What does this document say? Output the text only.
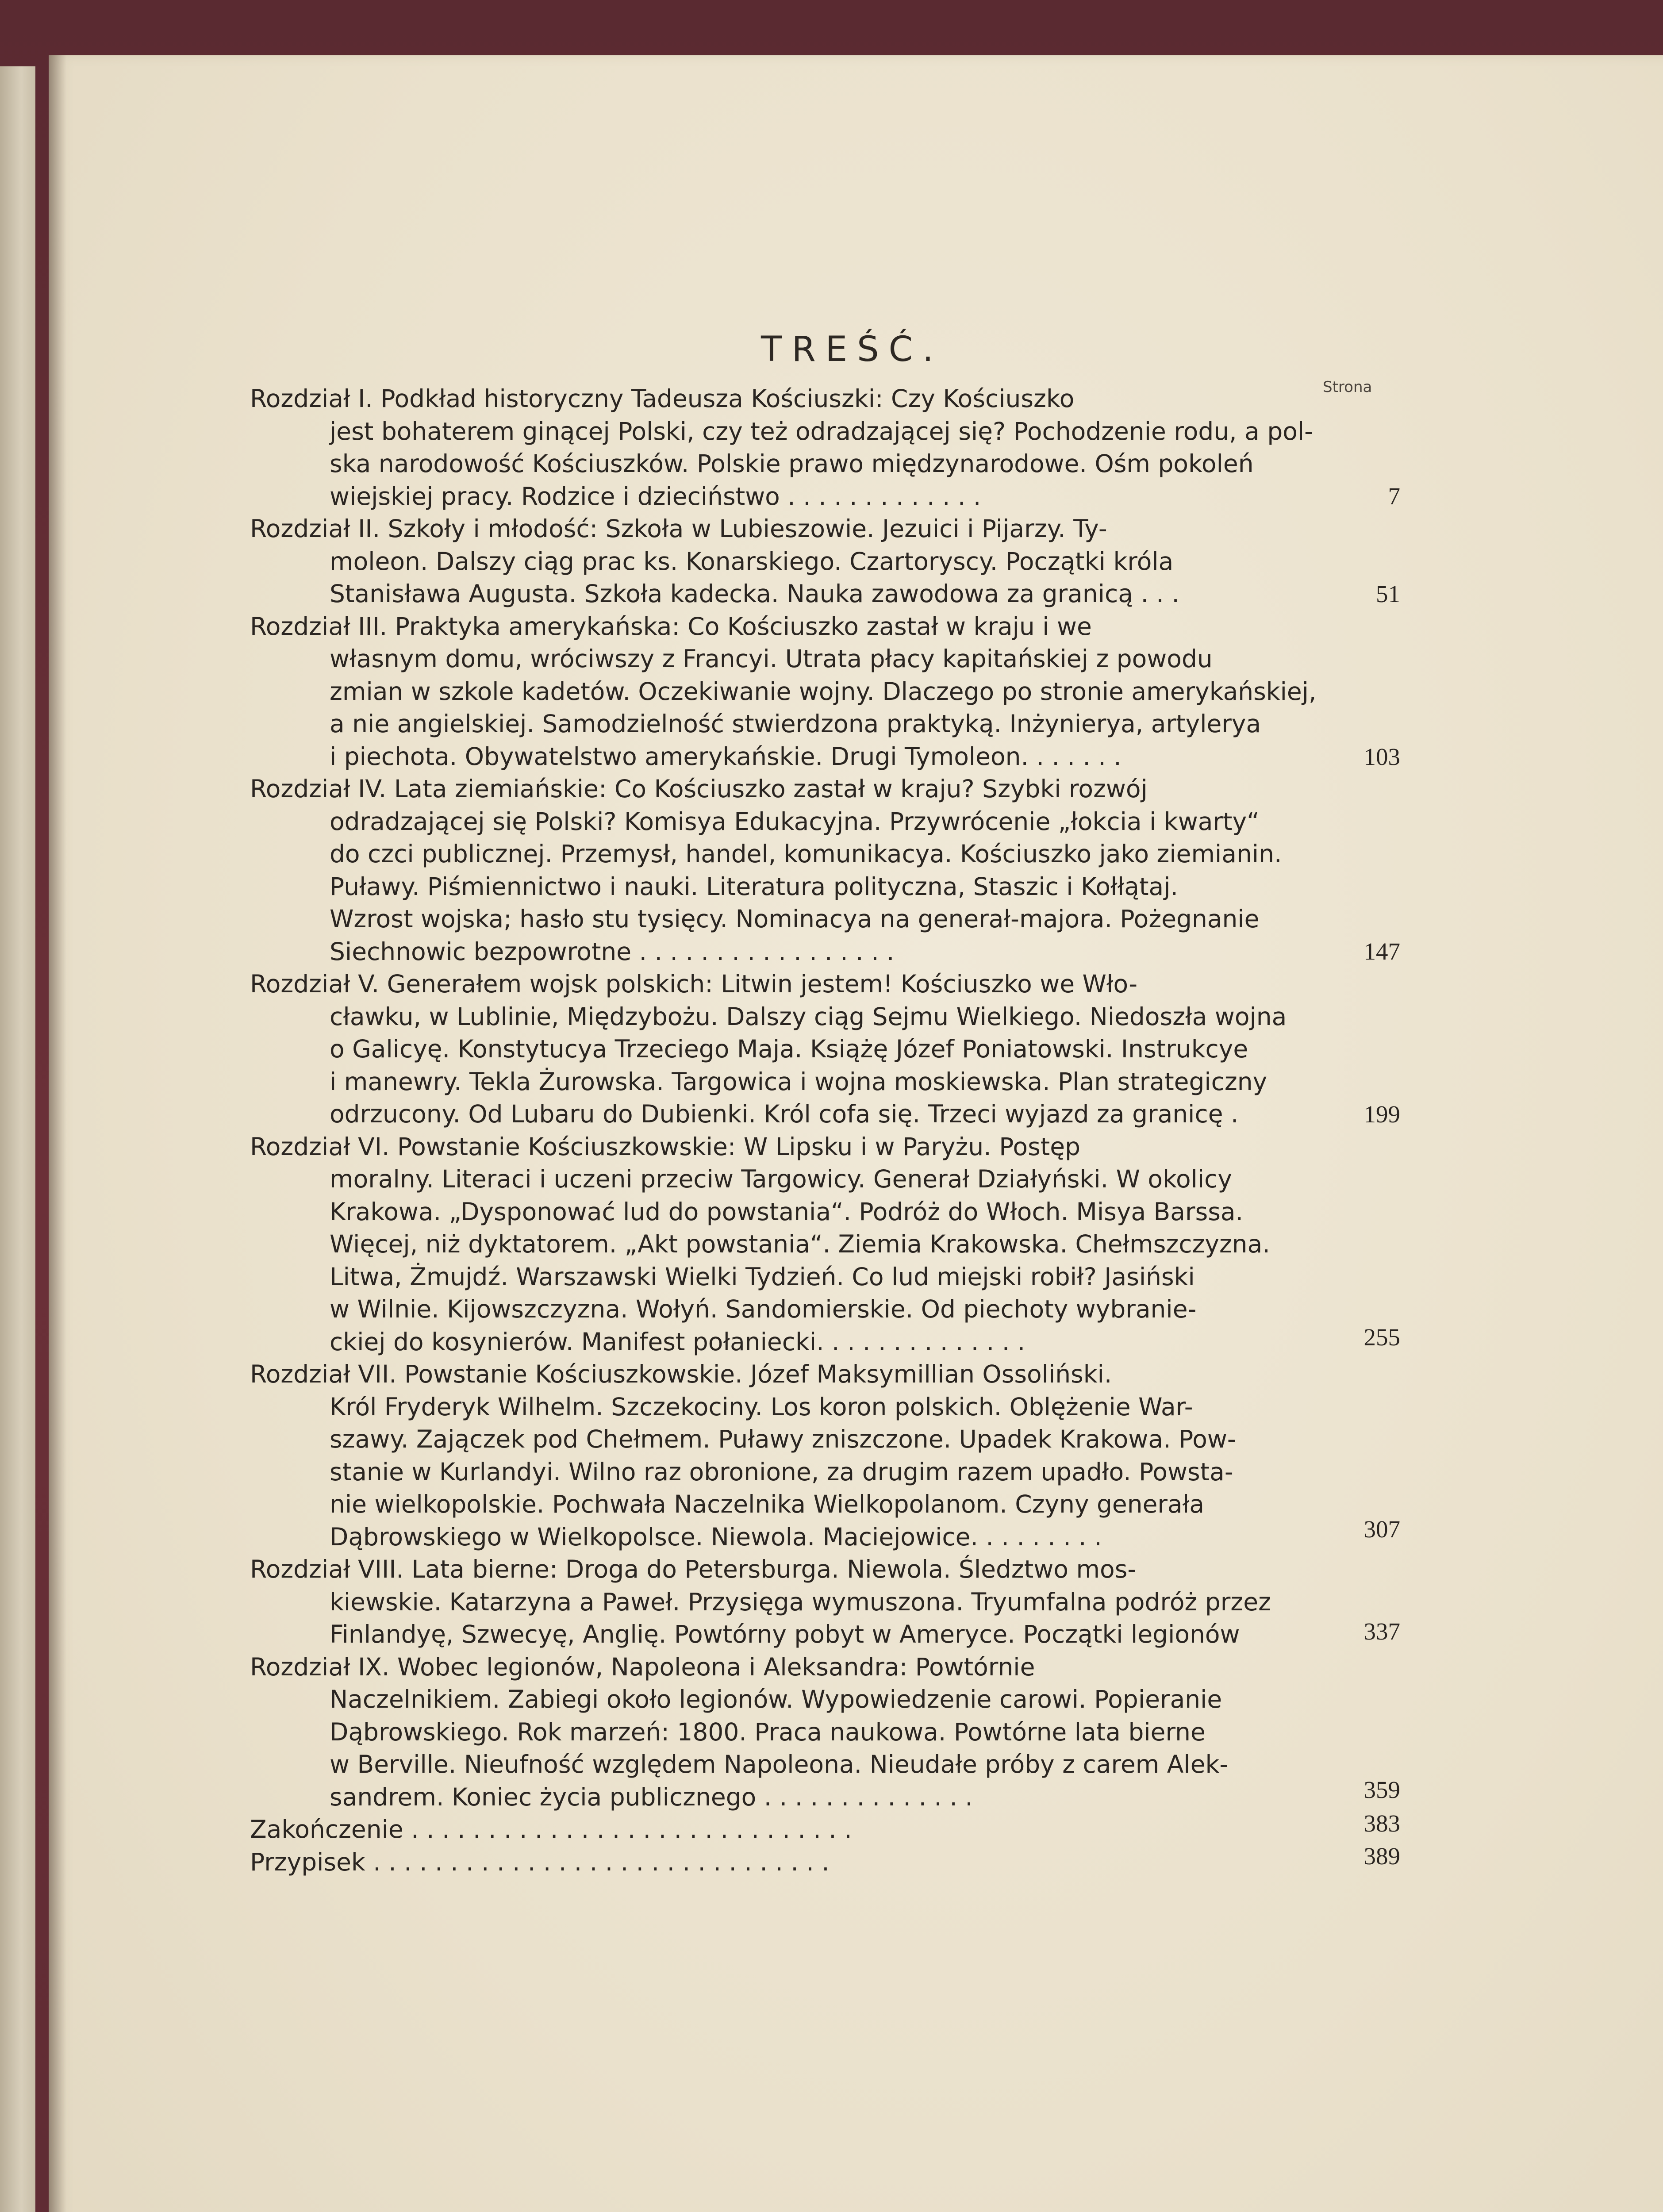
TREŚĆ.
Strona
Rozdział I. Podkład historyczny Tadeusza Kościuszki: Czy Kościuszko
jest bohaterem ginącej Polski, czy też odradzającej się? Pochodzenie rodu, a pol-
ska narodowość Kościuszków. Polskie prawo międzynarodowe. Ośm pokoleń
wiejskiej pracy. Rodzice i dzieciństwo . . . . . . . . . . . . .	7
Rozdział II. Szkoły i młodość: Szkoła w Lubieszowie. Jezuici i Pijarzy. Ty-
moleon. Dalszy ciąg prac ks. Konarskiego. Czartoryscy. Początki króla
Stanisława Augusta. Szkoła kadecka. Nauka zawodowa za granicą . . .	51
Rozdział III. Praktyka amerykańska: Co Kościuszko zastał w kraju i we
własnym domu, wróciwszy z Francyi. Utrata płacy kapitańskiej z powodu
zmian w szkole kadetów. Oczekiwanie wojny. Dlaczego po stronie amerykańskiej,
a nie angielskiej. Samodzielność stwierdzona praktyką. Inżynierya, artylerya
i piechota. Obywatelstwo amerykańskie. Drugi Tymoleon. . . . . . .	103
Rozdział IV. Lata ziemiańskie: Co Kościuszko zastał w kraju? Szybki rozwój
odradzającej się Polski? Komisya Edukacyjna. Przywrócenie „łokcia i kwarty“
do czci publicznej. Przemysł, handel, komunikacya. Kościuszko jako ziemianin.
Puławy. Piśmiennictwo i nauki. Literatura polityczna, Staszic i Kołłątaj.
Wzrost wojska; hasło stu tysięcy. Nominacya na generał-majora. Pożegnanie
Siechnowic bezpowrotne . . . . . . . . . . . . . . . . .	147
Rozdział V. Generałem wojsk polskich: Litwin jestem! Kościuszko we Wło-
cławku, w Lublinie, Międzybożu. Dalszy ciąg Sejmu Wielkiego. Niedoszła wojna
o Galicyę. Konstytucya Trzeciego Maja. Książę Józef Poniatowski. Instrukcye
i manewry. Tekla Żurowska. Targowica i wojna moskiewska. Plan strategiczny
odrzucony. Od Lubaru do Dubienki. Król cofa się. Trzeci wyjazd za granicę .	199
Rozdział VI. Powstanie Kościuszkowskie: W Lipsku i w Paryżu. Postęp
moralny. Literaci i uczeni przeciw Targowicy. Generał Działyński. W okolicy
Krakowa. „Dysponować lud do powstania“. Podróż do Włoch. Misya Barssa.
Więcej, niż dyktatorem. „Akt powstania“. Ziemia Krakowska. Chełmszczyzna.
Litwa, Żmujdź. Warszawski Wielki Tydzień. Co lud miejski robił? Jasiński
w Wilnie. Kijowszczyzna. Wołyń. Sandomierskie. Od piechoty wybranie-
ckiej do kosynierów. Manifest połaniecki. . . . . . . . . . . . . .	255
Rozdział VII. Powstanie Kościuszkowskie. Józef Maksymillian Ossoliński.
Król Fryderyk Wilhelm. Szczekociny. Los koron polskich. Oblężenie War-
szawy. Zajączek pod Chełmem. Puławy zniszczone. Upadek Krakowa. Pow-
stanie w Kurlandyi. Wilno raz obronione, za drugim razem upadło. Powsta-
nie wielkopolskie. Pochwała Naczelnika Wielkopolanom. Czyny generała
Dąbrowskiego w Wielkopolsce. Niewola. Maciejowice. . . . . . . . .	307
Rozdział VIII. Lata bierne: Droga do Petersburga. Niewola. Śledztwo mos-
kiewskie. Katarzyna a Paweł. Przysięga wymuszona. Tryumfalna podróż przez
Finlandyę, Szwecyę, Anglię. Powtórny pobyt w Ameryce. Początki legionów	337
Rozdział IX. Wobec legionów, Napoleona i Aleksandra: Powtórnie
Naczelnikiem. Zabiegi około legionów. Wypowiedzenie carowi. Popieranie
Dąbrowskiego. Rok marzeń: 1800. Praca naukowa. Powtórne lata bierne
w Berville. Nieufność względem Napoleona. Nieudałe próby z carem Alek-
sandrem. Koniec życia publicznego . . . . . . . . . . . . . .	359
Zakończenie . . . . . . . . . . . . . . . . . . . . . . . . . . . . .	383
Przypisek . . . . . . . . . . . . . . . . . . . . . . . . . . . . . .	389
